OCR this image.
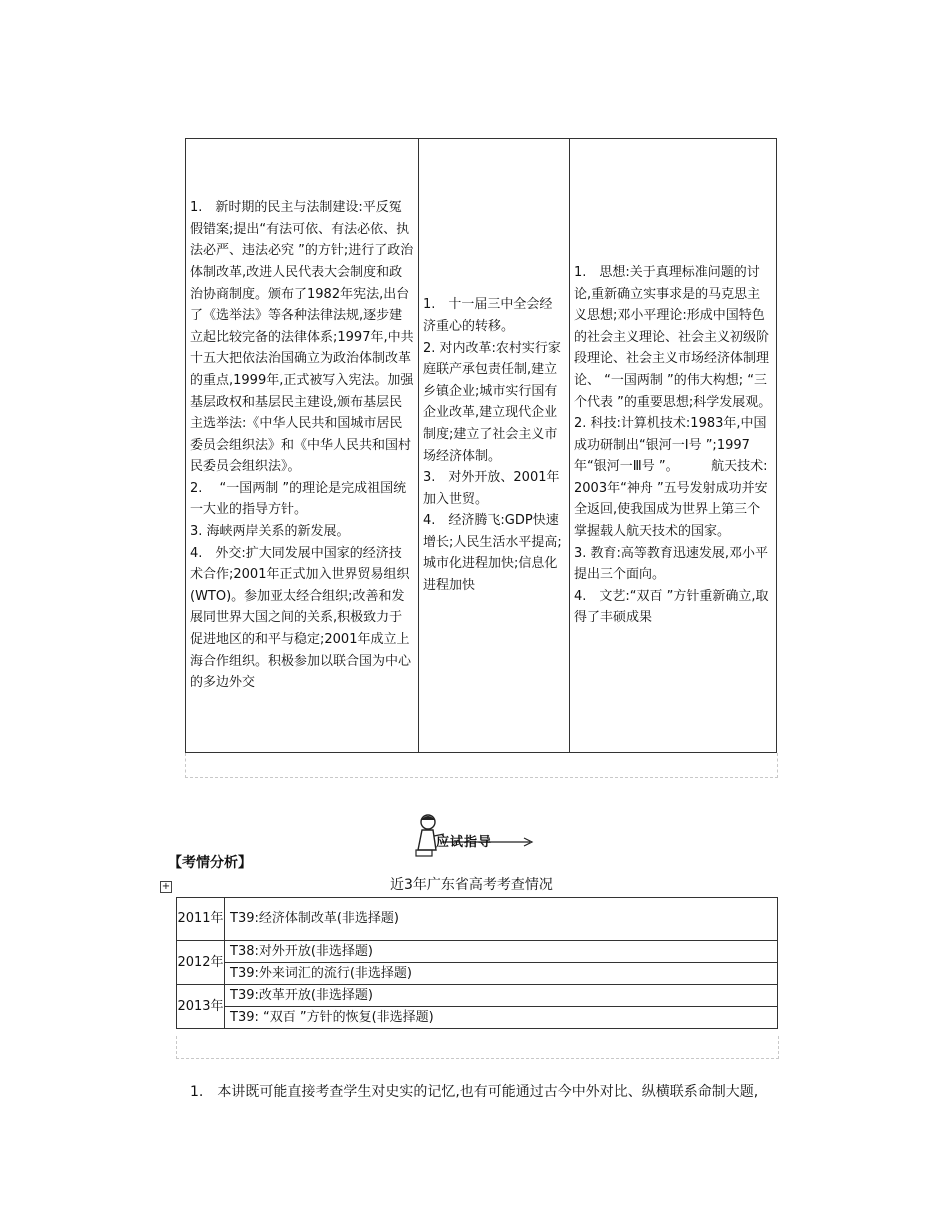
1.　新时期的民主与法制建设:平反冤假错案;提出“有法可依、有法必依、执法必严、违法必究 ”的方针;进行了政治体制改革,改进人民代表大会制度和政治协商制度。颁布了1982年宪法,出台了《选举法》等各种法律法规,逐步建立起比较完备的法律体系;1997年,中共十五大把依法治国确立为政治体制改革的重点,1999年,正式被写入宪法。加强基层政权和基层民主建设,颁布基层民主选举法:《中华人民共和国城市居民委员会组织法》和《中华人民共和国村民委员会组织法》。
2.　 “一国两制 ”的理论是完成祖国统一大业的指导方针。
3. 海峡两岸关系的新发展。
4.　外交:扩大同发展中国家的经济技术合作;2001年正式加入世界贸易组织(WTO)。参加亚太经合组织;改善和发展同世界大国之间的关系,积极致力于促进地区的和平与稳定;2001年成立上海合作组织。积极参加以联合国为中心的多边外交

1.　十一届三中全会经济重心的转移。
2. 对内改革:农村实行家庭联产承包责任制,建立乡镇企业;城市实行国有企业改革,建立现代企业制度;建立了社会主义市场经济体制。
3.　对外开放、2001年加入世贸。
4.　经济腾飞:GDP快速增长;人民生活水平提高;城市化进程加快;信息化进程加快

1.　思想:关于真理标准问题的讨论,重新确立实事求是的马克思主义思想;邓小平理论:形成中国特色的社会主义理论、社会主义初级阶段理论、社会主义市场经济体制理论、 “一国两制 ”的伟大构想; “三个代表 ”的重要思想;科学发展观。
2. 科技:计算机技术:1983年,中国成功研制出“银河一Ⅰ号 ”;1997年“银河一Ⅲ号 ”。　　　航天技术:2003年“神舟 ”五号发射成功并安全返回,使我国成为世界上第三个掌握载人航天技术的国家。
3. 教育:高等教育迅速发展,邓小平提出三个面向。
4.　文艺:“双百 ”方针重新确立,取得了丰硕成果
应试指导
【考情分析】
+	近3年广东省高考考查情况
2011年	T39:经济体制改革(非选择题)
2012年	T38:对外开放(非选择题)
	T39:外来词汇的流行(非选择题)
2013年	T39:改革开放(非选择题)
	T39: “双百 ”方针的恢复(非选择题)
1.　本讲既可能直接考查学生对史实的记忆,也有可能通过古今中外对比、纵横联系命制大题,
